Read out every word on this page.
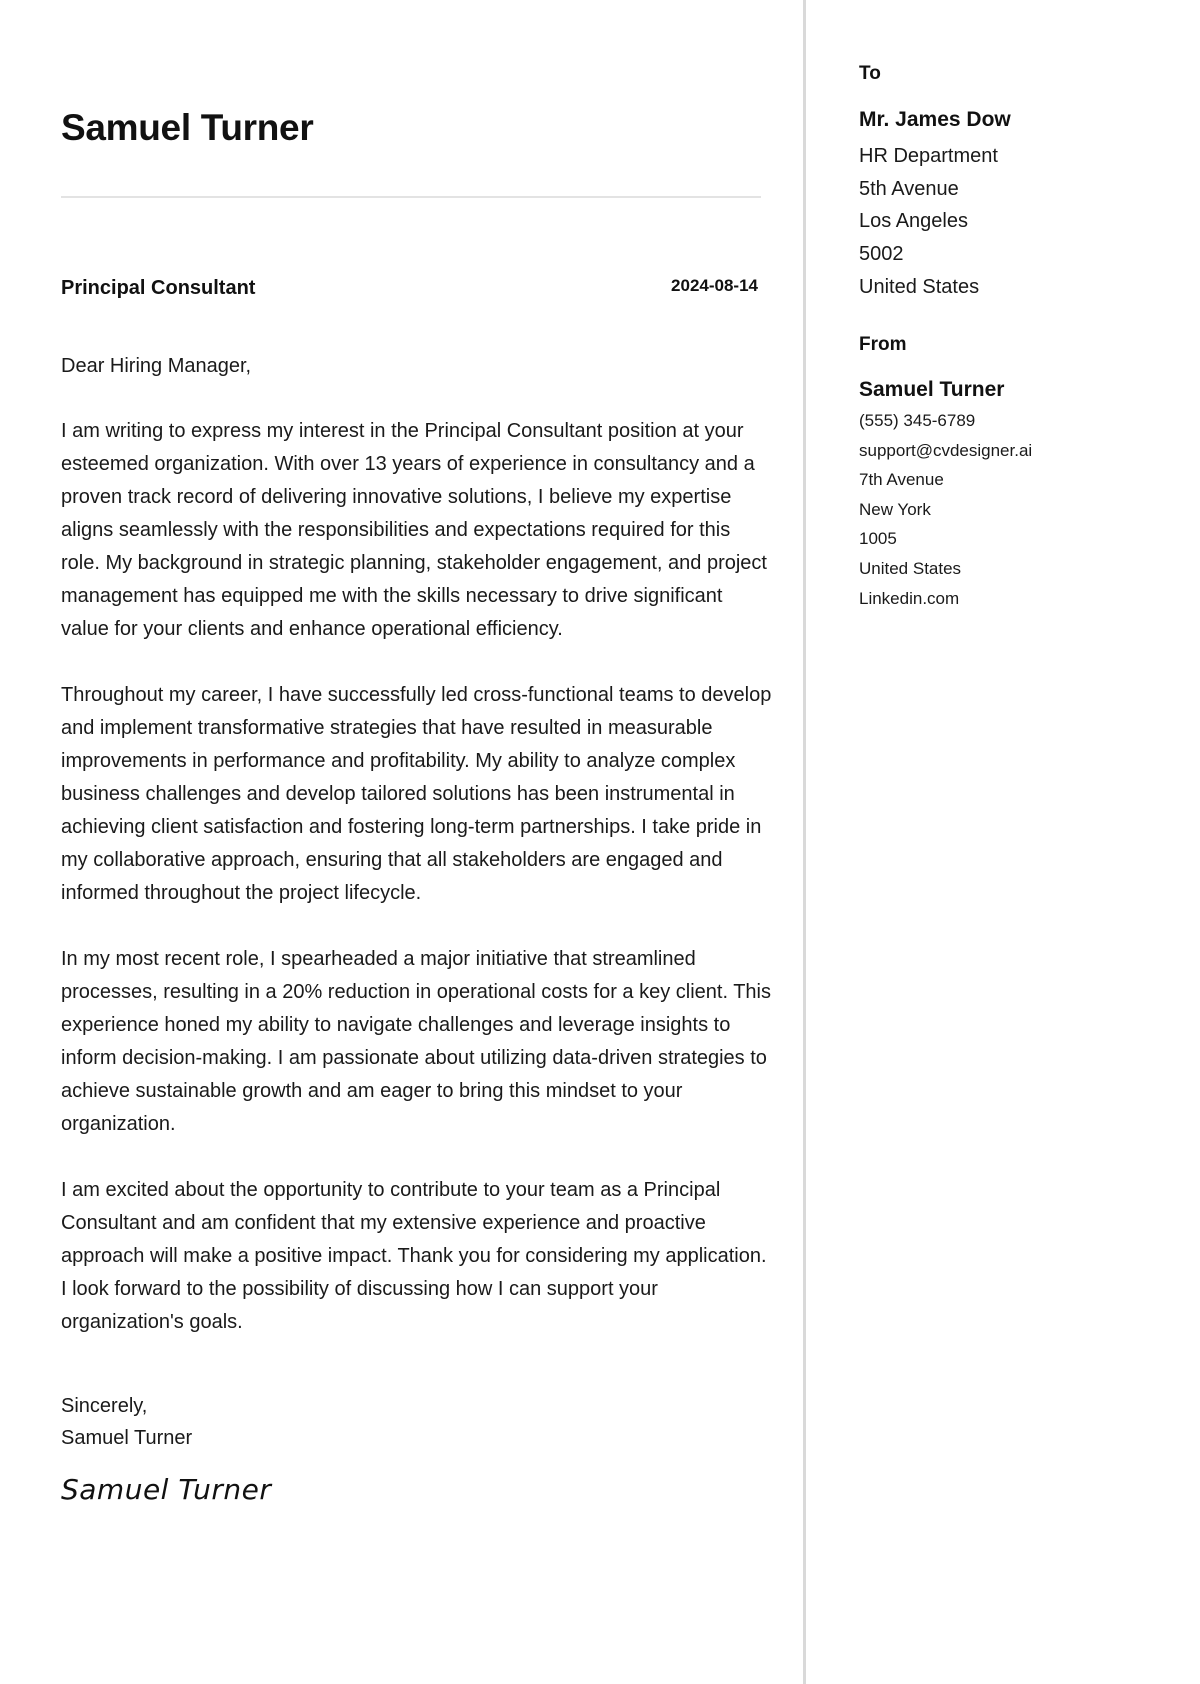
Samuel Turner
Principal Consultant	2024-08-14

Dear Hiring Manager,

I am writing to express my interest in the Principal Consultant position at your esteemed organization. With over 13 years of experience in consultancy and a proven track record of delivering innovative solutions, I believe my expertise aligns seamlessly with the responsibilities and expectations required for this role. My background in strategic planning, stakeholder engagement, and project management has equipped me with the skills necessary to drive significant value for your clients and enhance operational efficiency.

Throughout my career, I have successfully led cross-functional teams to develop and implement transformative strategies that have resulted in measurable improvements in performance and profitability. My ability to analyze complex business challenges and develop tailored solutions has been instrumental in achieving client satisfaction and fostering long-term partnerships. I take pride in my collaborative approach, ensuring that all stakeholders are engaged and informed throughout the project lifecycle.

In my most recent role, I spearheaded a major initiative that streamlined processes, resulting in a 20% reduction in operational costs for a key client. This experience honed my ability to navigate challenges and leverage insights to inform decision-making. I am passionate about utilizing data-driven strategies to achieve sustainable growth and am eager to bring this mindset to your organization.

I am excited about the opportunity to contribute to your team as a Principal Consultant and am confident that my extensive experience and proactive approach will make a positive impact. Thank you for considering my application. I look forward to the possibility of discussing how I can support your organization's goals.

Sincerely,
Samuel Turner
Samuel Turner
To
Mr. James Dow
HR Department
5th Avenue
Los Angeles
5002
United States
From
Samuel Turner
(555) 345-6789
support@cvdesigner.ai
7th Avenue
New York
1005
United States
Linkedin.com
